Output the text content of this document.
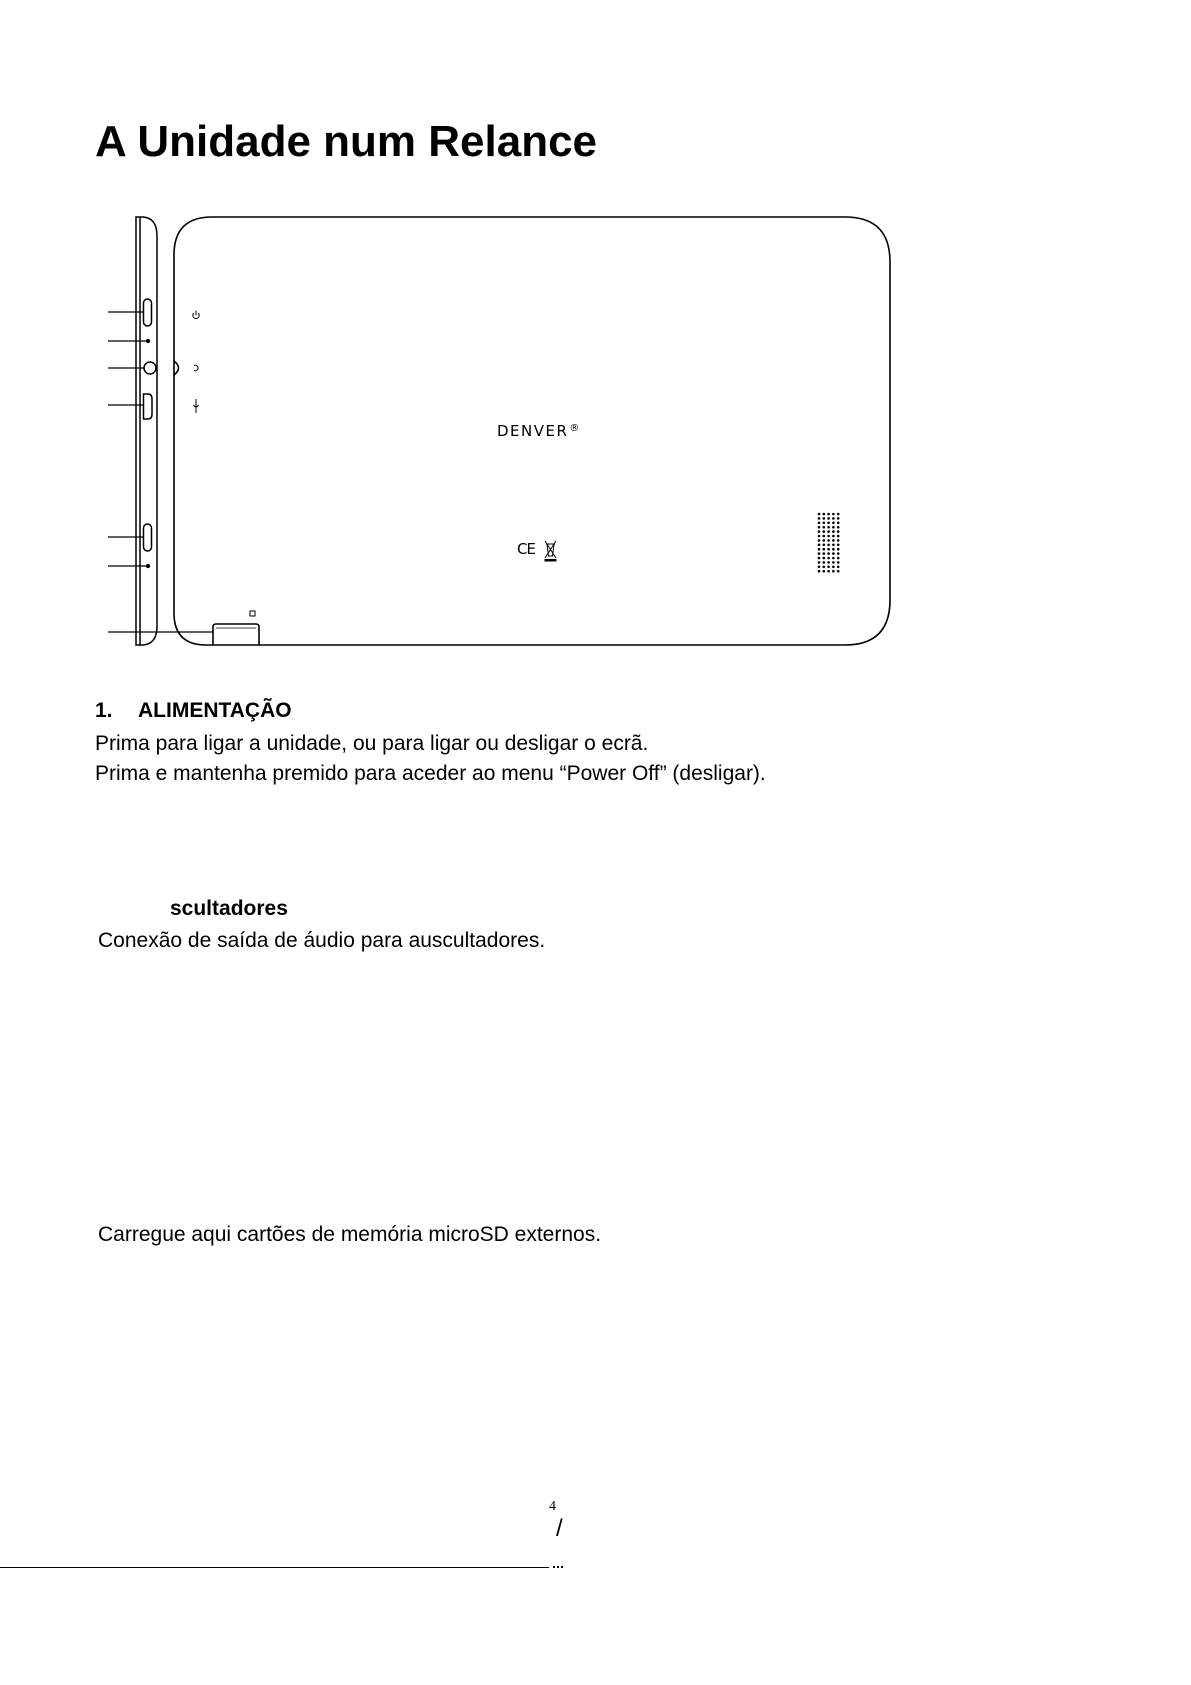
A Unidade num Relance
DENVER®
CE
1. ALIMENTAÇÃO
Prima para ligar a unidade, ou para ligar ou desligar o ecrã.
Prima e mantenha premido para aceder ao menu “Power Off” (desligar).
scultadores
Conexão de saída de áudio para auscultadores.
Carregue aqui cartões de memória microSD externos.
4
/
